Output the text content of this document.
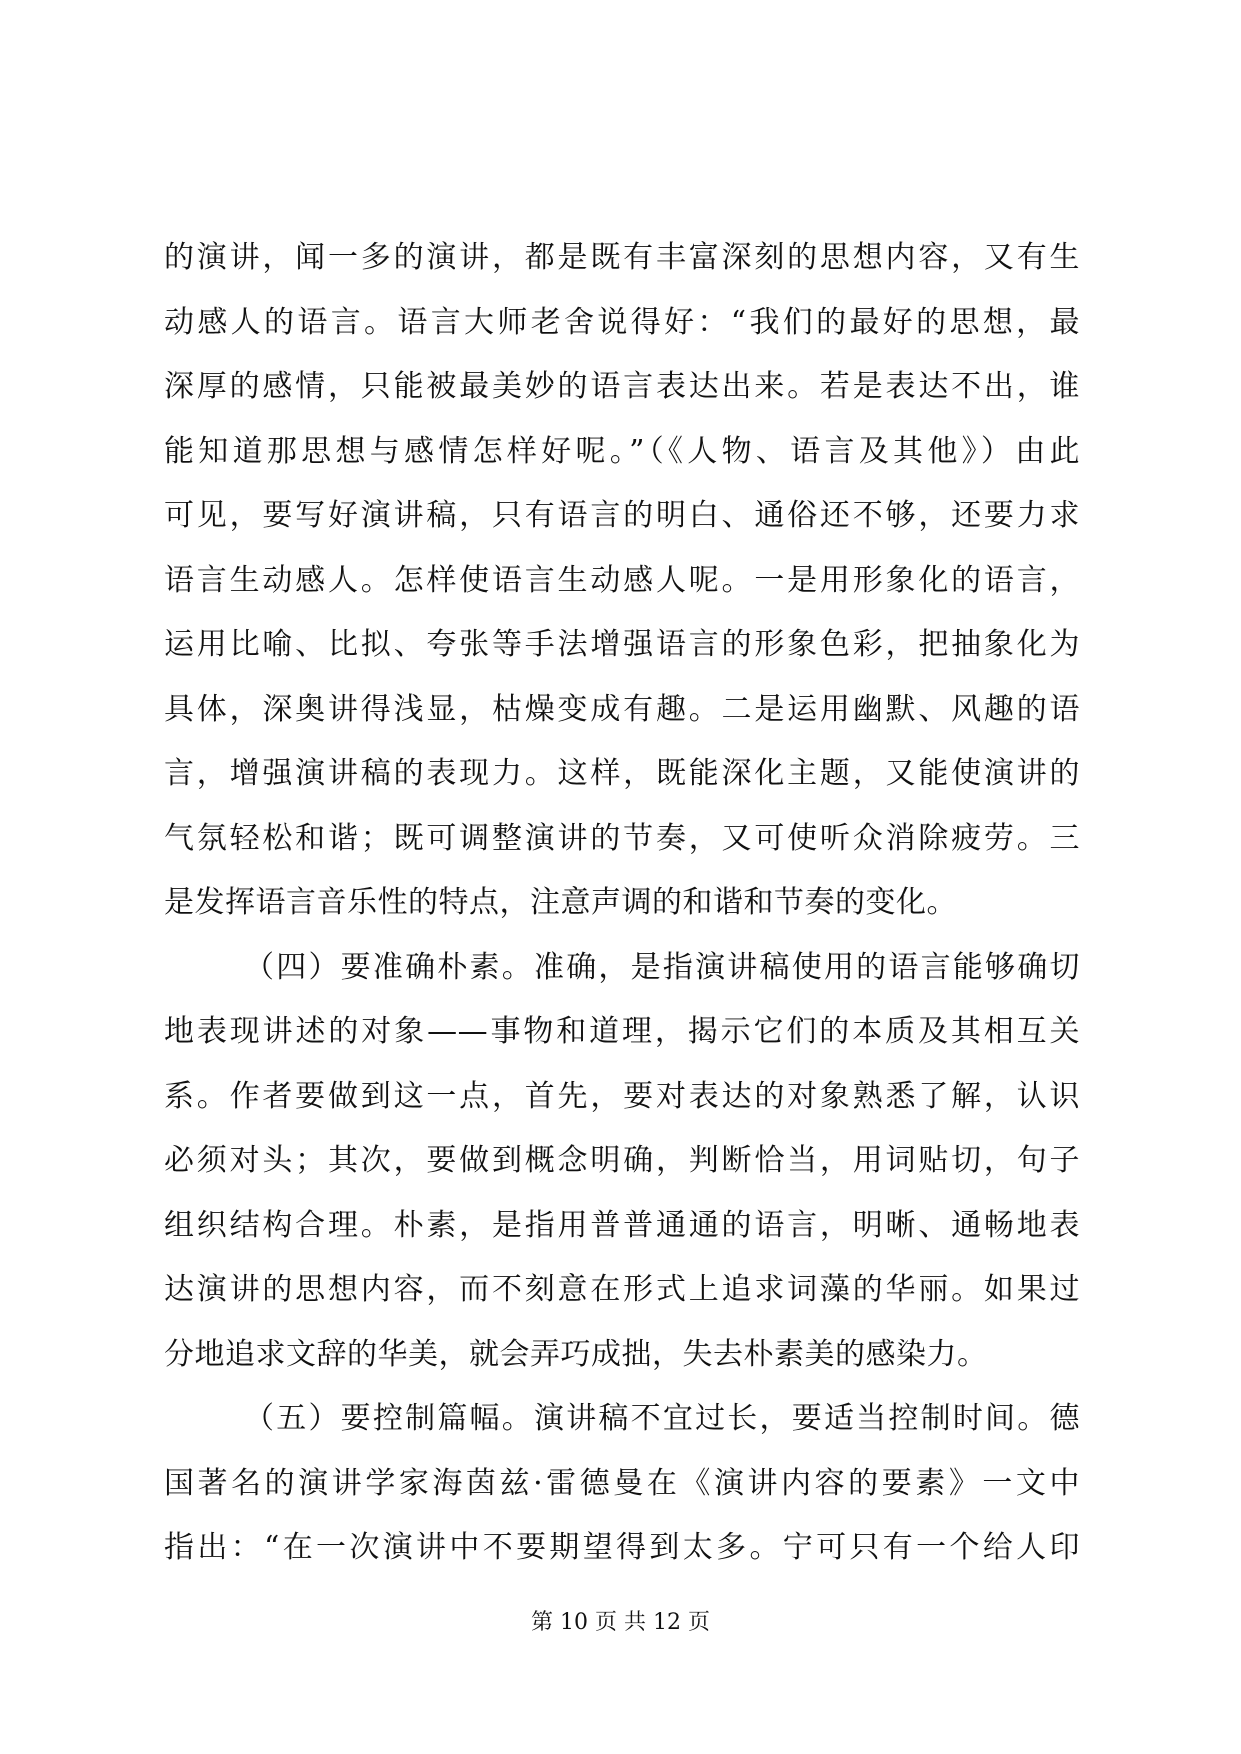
的演讲，闻一多的演讲，都是既有丰富深刻的思想内容，又有生
动感人的语言。语言大师老舍说得好：“我们的最好的思想，最
深厚的感情，只能被最美妙的语言表达出来。若是表达不出，谁
能知道那思想与感情怎样好呢。”（《人物、语言及其他》）由此
可见，要写好演讲稿，只有语言的明白、通俗还不够，还要力求
语言生动感人。怎样使语言生动感人呢。一是用形象化的语言，
运用比喻、比拟、夸张等手法增强语言的形象色彩，把抽象化为
具体，深奥讲得浅显，枯燥变成有趣。二是运用幽默、风趣的语
言，增强演讲稿的表现力。这样，既能深化主题，又能使演讲的
气氛轻松和谐；既可调整演讲的节奏，又可使听众消除疲劳。三
是发挥语言音乐性的特点，注意声调的和谐和节奏的变化。
（四）要准确朴素。准确，是指演讲稿使用的语言能够确切
地表现讲述的对象——事物和道理，揭示它们的本质及其相互关
系。作者要做到这一点，首先，要对表达的对象熟悉了解，认识
必须对头；其次，要做到概念明确，判断恰当，用词贴切，句子
组织结构合理。朴素，是指用普普通通的语言，明晰、通畅地表
达演讲的思想内容，而不刻意在形式上追求词藻的华丽。如果过
分地追求文辞的华美，就会弄巧成拙，失去朴素美的感染力。
（五）要控制篇幅。演讲稿不宜过长，要适当控制时间。德
国著名的演讲学家海茵兹·雷德曼在《演讲内容的要素》一文中
指出：“在一次演讲中不要期望得到太多。宁可只有一个给人印
第 10 页 共 12 页
